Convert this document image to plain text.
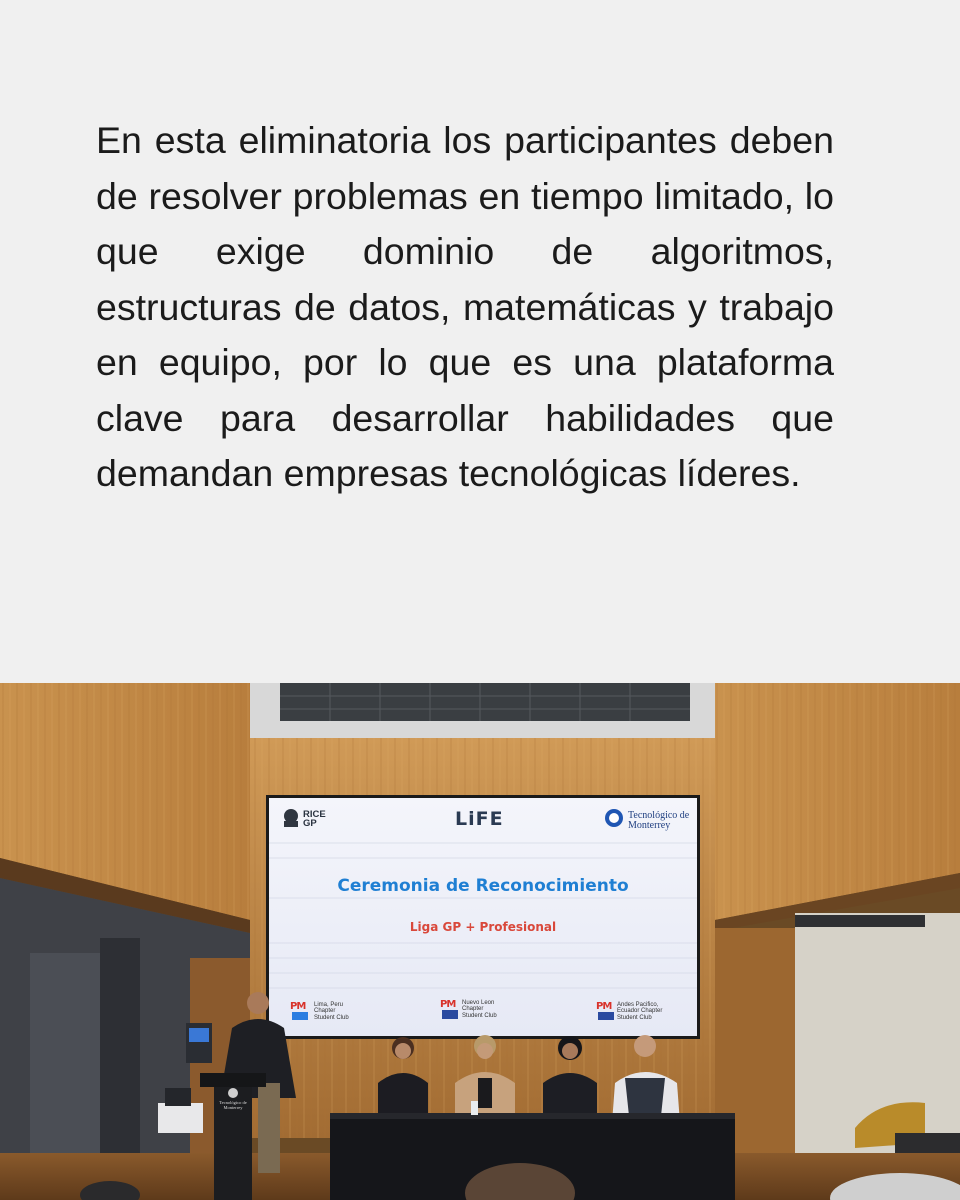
En esta eliminatoria los participantes deben de resolver problemas en tiempo limitado, lo que exige dominio de algoritmos, estructuras de datos, matemáticas y trabajo en equipo, por lo que es una plataforma clave para desarrollar habilidades que demandan empresas tecnológicas líderes.

RICE GP	LiFE	Tecnológico de Monterrey
Ceremonia de Reconocimiento
Liga GP + Profesional
PM	PM	PM
Lima, Peru Chapter Student Club
Nuevo Leon Chapter Student Club
Andes Pacifico, Ecuador Chapter Student Club
Tecnológico de Monterrey
